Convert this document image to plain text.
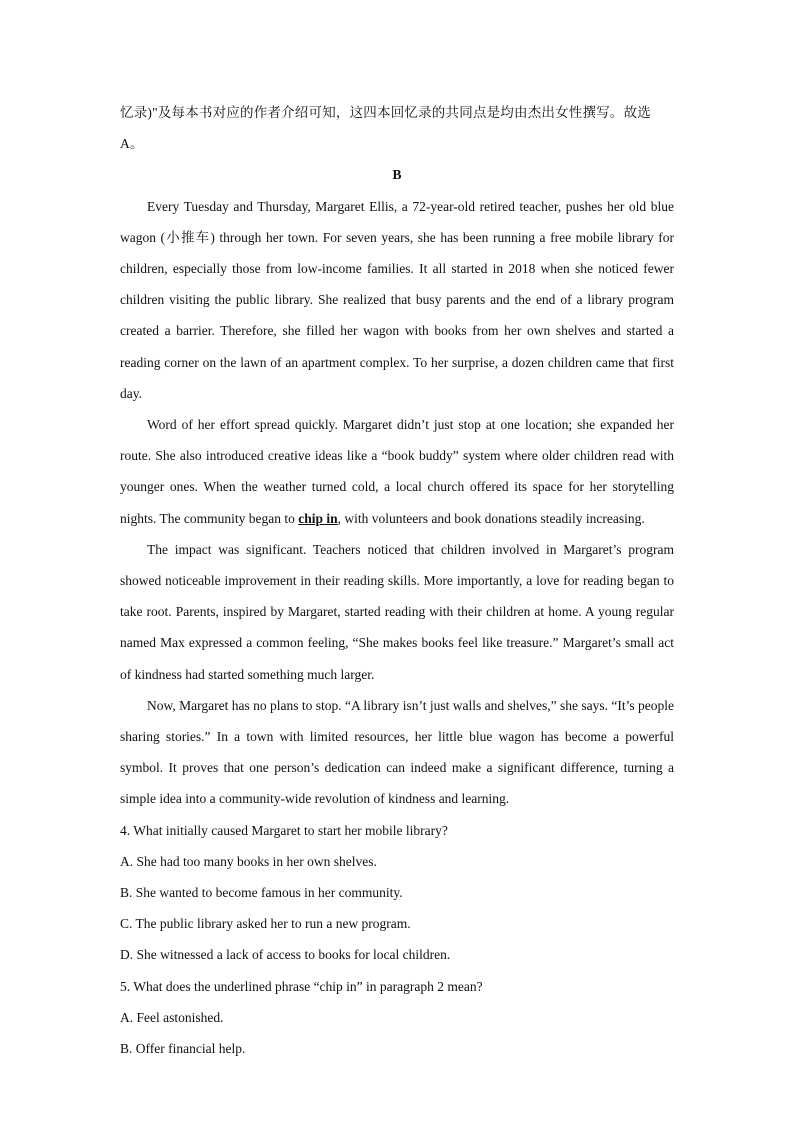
忆录)"及每本书对应的作者介绍可知，这四本回忆录的共同点是均由杰出女性撰写。故选A。

B

Every Tuesday and Thursday, Margaret Ellis, a 72-year-old retired teacher, pushes her old blue wagon (小推车) through her town. For seven years, she has been running a free mobile library for children, especially those from low-income families. It all started in 2018 when she noticed fewer children visiting the public library. She realized that busy parents and the end of a library program created a barrier. Therefore, she filled her wagon with books from her own shelves and started a reading corner on the lawn of an apartment complex. To her surprise, a dozen children came that first day.

Word of her effort spread quickly. Margaret didn’t just stop at one location; she expanded her route. She also introduced creative ideas like a “book buddy” system where older children read with younger ones. When the weather turned cold, a local church offered its space for her storytelling nights. The community began to chip in, with volunteers and book donations steadily increasing.

The impact was significant. Teachers noticed that children involved in Margaret’s program showed noticeable improvement in their reading skills. More importantly, a love for reading began to take root. Parents, inspired by Margaret, started reading with their children at home. A young regular named Max expressed a common feeling, “She makes books feel like treasure.” Margaret’s small act of kindness had started something much larger.

Now, Margaret has no plans to stop. “A library isn’t just walls and shelves,” she says. “It’s people sharing stories.” In a town with limited resources, her little blue wagon has become a powerful symbol. It proves that one person’s dedication can indeed make a significant difference, turning a simple idea into a community-wide revolution of kindness and learning.

4. What initially caused Margaret to start her mobile library?

A. She had too many books in her own shelves.

B. She wanted to become famous in her community.

C. The public library asked her to run a new program.

D. She witnessed a lack of access to books for local children.

5. What does the underlined phrase “chip in” in paragraph 2 mean?

A. Feel astonished.

B. Offer financial help.
